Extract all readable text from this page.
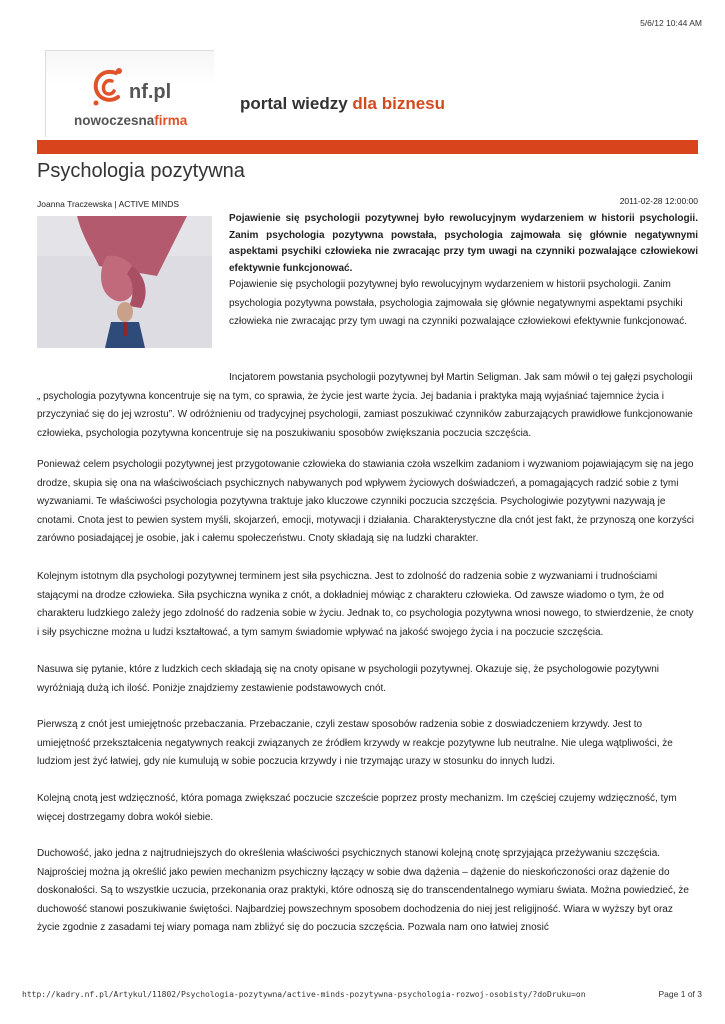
5/6/12 10:44 AM
nf.pl
nowoczesnafirma
portal wiedzy dla biznesu
Psychologia pozytywna
Joanna Traczewska | ACTIVE MINDS	2011-02-28 12:00:00
Pojawienie się psychologii pozytywnej było rewolucyjnym wydarzeniem w historii psychologii. Zanim psychologia pozytywna powstała, psychologia zajmowała się głównie negatywnymi aspektami psychiki człowieka nie zwracając przy tym uwagi na czynniki pozwalające człowiekowi efektywnie funkcjonować.
Pojawienie się psychologii pozytywnej było rewolucyjnym wydarzeniem w historii psychologii. Zanim psychologia pozytywna powstała, psychologia zajmowała się głównie negatywnymi aspektami psychiki człowieka nie zwracając przy tym uwagi na czynniki pozwalające człowiekowi efektywnie funkcjonować.
Incjatorem powstania psychologii pozytywnej był Martin Seligman. Jak sam mówił o tej gałęzi psychologii „ psychologia pozytywna koncentruje się na tym, co sprawia, że życie jest warte życia. Jej badania i praktyka mają wyjaśniać tajemnice życia i przyczyniać się do jej wzrostu”. W odróżnieniu od tradycyjnej psychologii, zamiast poszukiwać czynników zaburzających prawidłowe funkcjonowanie człowieka, psychologia pozytywna koncentruje się na poszukiwaniu sposobów zwiększania poczucia szczęścia.
Ponieważ celem psychologii pozytywnej jest przygotowanie człowieka do stawiania czoła wszelkim zadaniom i wyzwaniom pojawiającym się na jego drodze, skupia się ona na właściwościach psychicznych nabywanych pod wpływem życiowych doświadczeń, a pomagających radzić sobie z tymi wyzwaniami. Te właściwości psychologia pozytywna traktuje jako kluczowe czynniki poczucia szczęścia. Psychologiwie pozytywni nazywają je cnotami. Cnota jest to pewien system myśli, skojarzeń, emocji, motywacji i działania. Charakterystyczne dla cnót jest fakt, że przynoszą one korzyści zarówno posiadającej je osobie, jak i całemu społeczeństwu. Cnoty składają się na ludzki charakter.
Kolejnym istotnym dla psychologi pozytywnej terminem jest siła psychiczna. Jest to zdolność do radzenia sobie z wyzwaniami i trudnościami stającymi na drodze człowieka. Siła psychiczna wynika z cnót, a dokładniej mówiąc z charakteru człowieka. Od zawsze wiadomo o tym, że od charakteru ludzkiego zależy jego zdolność do radzenia sobie w życiu. Jednak to, co psychologia pozytywna wnosi nowego, to stwierdzenie, że cnoty i siły psychiczne można u ludzi kształtować, a tym samym świadomie wpływać na jakość swojego życia i na poczucie szczęścia.
Nasuwa się pytanie, które z ludzkich cech składają się na cnoty opisane w psychologii pozytywnej. Okazuje się, że psychologowie pozytywni wyróżniają dużą ich ilość. Poniżje znajdziemy zestawienie podstawowych cnót.
Pierwszą z cnót jest umiejętnośc przebaczania. Przebaczanie, czyli zestaw sposobów radzenia sobie z doswiadczeniem krzywdy. Jest to umiejętność przekształcenia negatywnych reakcji związanych ze źródłem krzywdy w reakcje pozytywne lub neutralne. Nie ulega wątpliwości, że ludziom jest żyć łatwiej, gdy nie kumulują w sobie poczucia krzywdy i nie trzymając urazy w stosunku do innych ludzi.
Kolejną cnotą jest wdzięczność, która pomaga zwiększać poczucie szczeście poprzez prosty mechanizm. Im częściej czujemy wdzięczność, tym więcej dostrzegamy dobra wokół siebie.
Duchowość, jako jedna z najtrudniejszych do określenia właściwości psychicznych stanowi kolejną cnotę sprzyjająca przeżywaniu szczęścia. Najprościej można ją określić jako pewien mechanizm psychiczny łączący w sobie dwa dążenia – dążenie do nieskończoności oraz dążenie do doskonałości. Są to wszystkie uczucia, przekonania oraz praktyki, które odnoszą się do transcendentalnego wymiaru świata. Można powiedzieć, że duchowość stanowi poszukiwanie świętości. Najbardziej powszechnym sposobem dochodzenia do niej jest religijność. Wiara w wyższy byt oraz życie zgodnie z zasadami tej wiary pomaga nam zbliżyć się do poczucia szczęścia. Pozwala nam ono łatwiej znosić
http://kadry.nf.pl/Artykul/11802/Psychologia-pozytywna/active-minds-pozytywna-psychologia-rozwoj-osobisty/?doDruku=on	Page 1 of 3
